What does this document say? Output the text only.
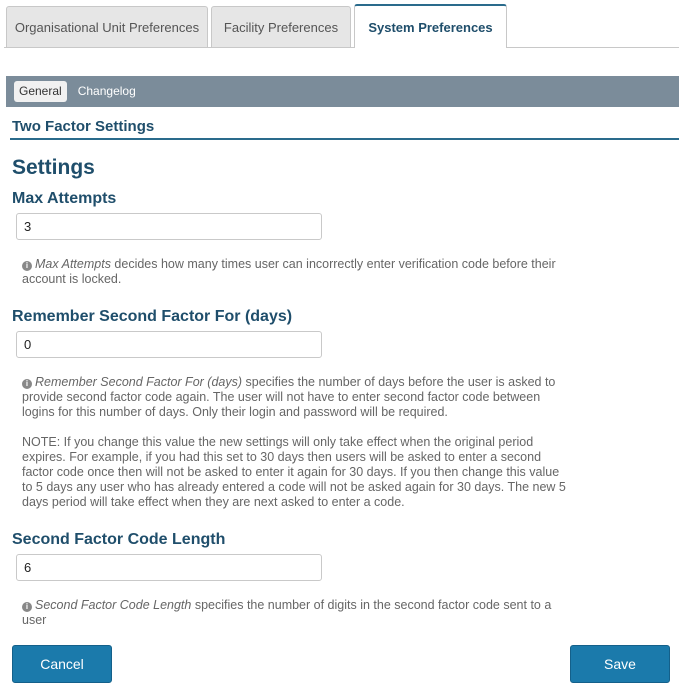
Organisational Unit Preferences	Facility Preferences	System Preferences
General	Changelog
Two Factor Settings
Settings
Max Attempts
3
i Max Attempts decides how many times user can incorrectly enter verification code before their account is locked.
Remember Second Factor For (days)
0
i Remember Second Factor For (days) specifies the number of days before the user is asked to provide second factor code again. The user will not have to enter second factor code between logins for this number of days. Only their login and password will be required.
NOTE: If you change this value the new settings will only take effect when the original period expires. For example, if you had this set to 30 days then users will be asked to enter a second factor code once then will not be asked to enter it again for 30 days. If you then change this value to 5 days any user who has already entered a code will not be asked again for 30 days. The new 5 days period will take effect when they are next asked to enter a code.
Second Factor Code Length
6
i Second Factor Code Length specifies the number of digits in the second factor code sent to a user
Cancel	Save
